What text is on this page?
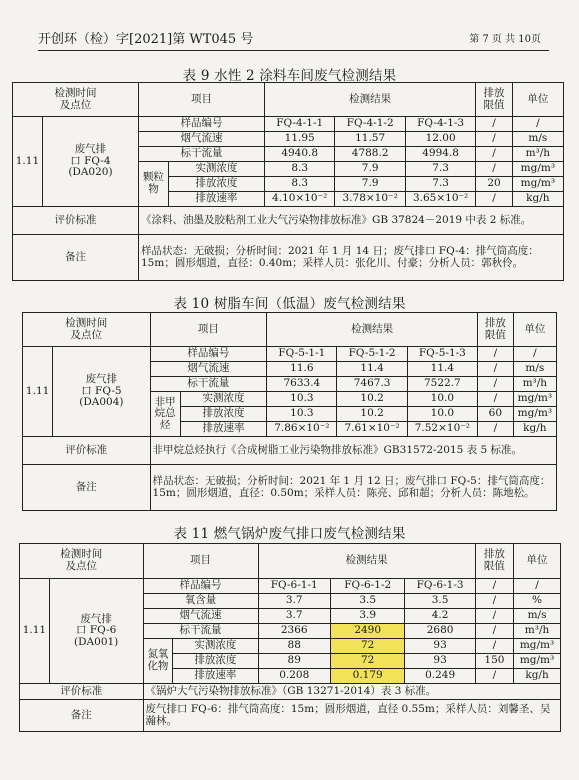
开创环（检）字[2021]第 WT045 号	第 7 页 共 10页
表 9 水性 2 涂料车间废气检测结果
检测时间
及点位		项目		检测结果			排放
限值	单位
1.11	废气排
口 FQ-4
(DA020)	样品编号		FQ-4-1-1	FQ-4-1-2	FQ-4-1-3	/	/
		烟气流速		11.95	11.57	12.00	/	m/s
		标干流量		4940.8	4788.2	4994.8	/	m³/h
		颗粒
物	实测浓度	8.3	7.9	7.3	/	mg/m³
			排放浓度	8.3	7.9	7.3	20	mg/m³
			排放速率	4.10×10⁻²	3.78×10⁻²	3.65×10⁻²	/	kg/h
评价标准		《涂料、油墨及胶粘剂工业大气污染物排放标准》GB 37824－2019 中表 2 标准。						
备注		样品状态：无破损；分析时间：2021 年 1 月 14 日；废气排口 FQ-4：排气筒高度：15m；圆形烟道，直径：0.40m；采样人员：张化川、付豪；分析人员：郭秋伶。						
表 10 树脂车间（低温）废气检测结果
检测时间
及点位		项目		检测结果			排放
限值	单位
1.11	废气排
口 FQ-5
(DA004)	样品编号		FQ-5-1-1	FQ-5-1-2	FQ-5-1-3	/	/
		烟气流速		11.6	11.4	11.4	/	m/s
		标干流量		7633.4	7467.3	7522.7	/	m³/h
		非甲
烷总
烃	实测浓度	10.3	10.2	10.0	/	mg/m³
			排放浓度	10.3	10.2	10.0	60	mg/m³
			排放速率	7.86×10⁻²	7.61×10⁻²	7.52×10⁻²	/	kg/h
评价标准		非甲烷总烃执行《合成树脂工业污染物排放标准》GB31572-2015 表 5 标准。						
备注		样品状态：无破损；分析时间：2021 年 1 月 12 日；废气排口 FQ-5：排气筒高度：15m；圆形烟道，直径：0.50m；采样人员：陈亮、邱和超；分析人员：陈地松。						
表 11 燃气锅炉废气排口废气检测结果
检测时间
及点位		项目		检测结果			排放
限值	单位
1.11	废气排
口 FQ-6
(DA001)	样品编号		FQ-6-1-1	FQ-6-1-2	FQ-6-1-3	/	/
		氧含量		3.7	3.5	3.5	/	%
		烟气流速		3.7	3.9	4.2	/	m/s
		标干流量		2366	2490	2680	/	m³/h
		氮氧
化物	实测浓度	88	72	93	/	mg/m³
			排放浓度	89	72	93	150	mg/m³
			排放速率	0.208	0.179	0.249	/	kg/h
评价标准		《锅炉大气污染物排放标准》（GB 13271-2014）表 3 标准。						
备注		废气排口 FQ-6：排气筒高度：15m；圆形烟道，直径 0.55m；采样人员：刘馨圣、吴瀚林。						
